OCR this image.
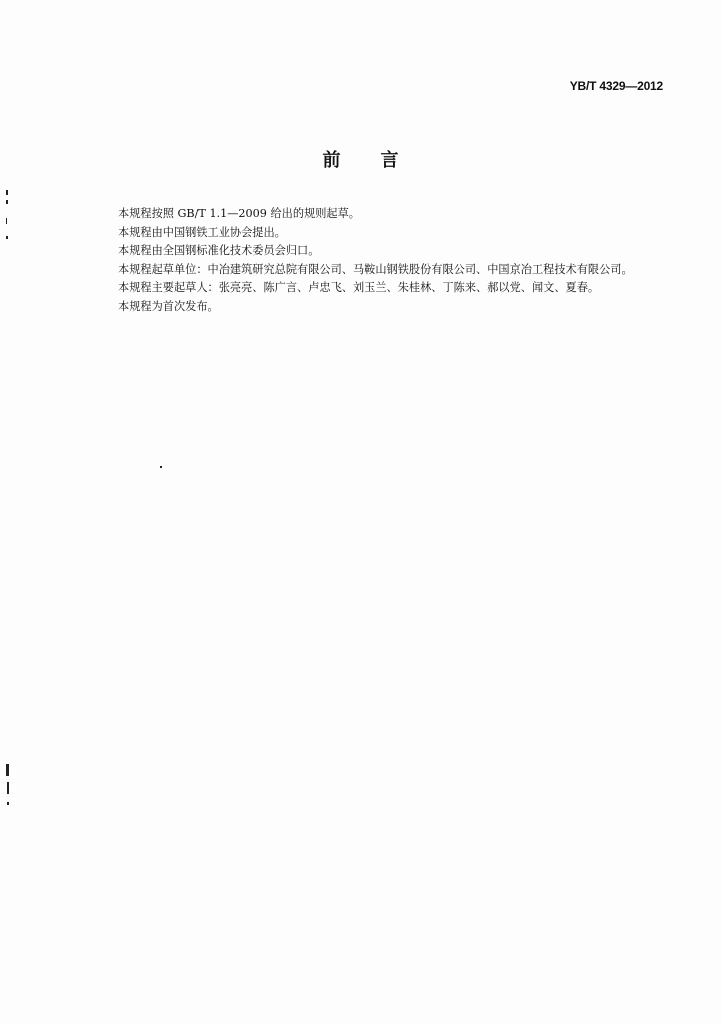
YB/T 4329—2012
前 言

本规程按照 GB/T 1.1—2009 给出的规则起草。

本规程由中国钢铁工业协会提出。

本规程由全国钢标准化技术委员会归口。

本规程起草单位：中冶建筑研究总院有限公司、马鞍山钢铁股份有限公司、中国京冶工程技术有限公司。

本规程主要起草人：张亮亮、陈广言、卢忠飞、刘玉兰、朱桂林、丁陈来、郝以党、闻文、夏春。

本规程为首次发布。
